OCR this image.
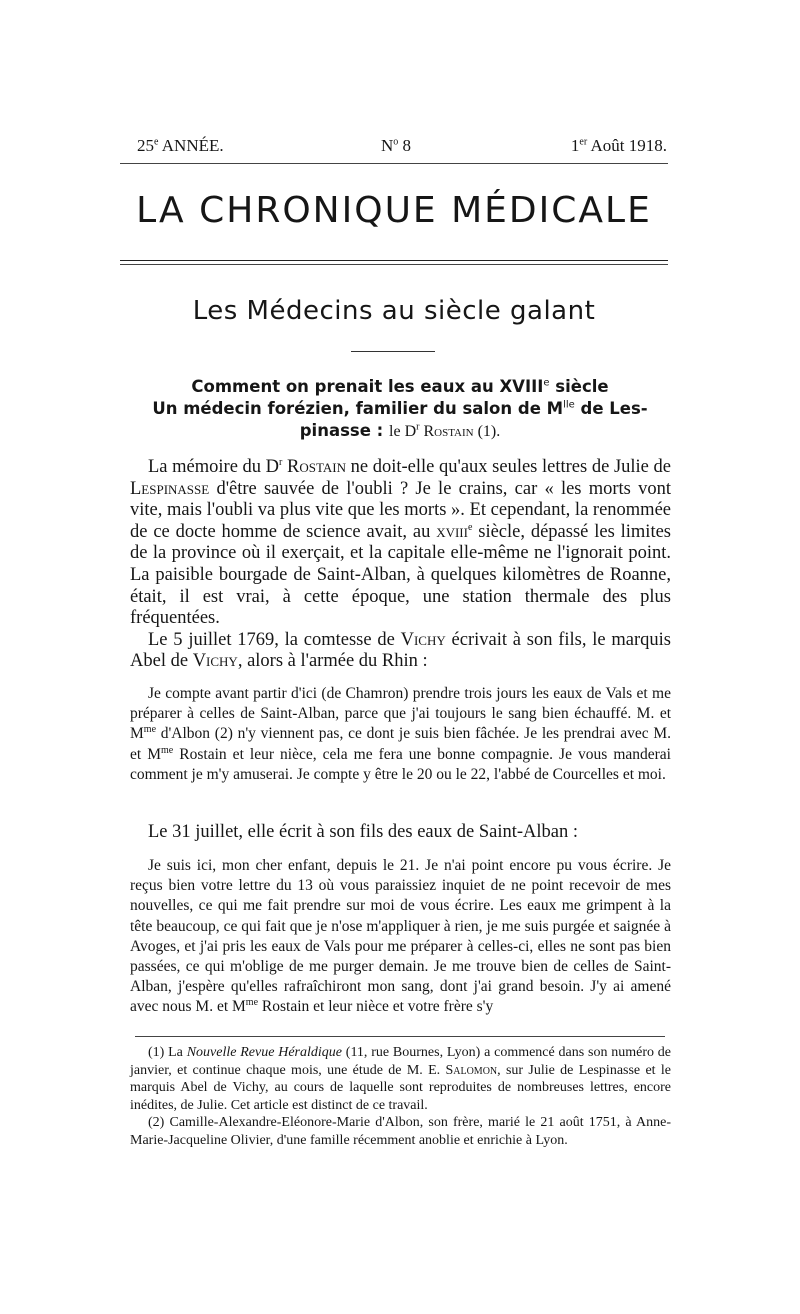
25e ANNÉE.	$N^o$ 8	1er Août 1918.
LA CHRONIQUE MÉDICALE
Les Médecins au siècle galant
Comment on prenait les eaux au XVIIIe siècle
Un médecin forézien, familier du salon de $M^{lle}$ de Les-
pinasse : le $D^r$ Rostain (1).

La mémoire du $D^r$ Rostain ne doit-elle qu'aux seules lettres de Julie de Lespinasse d'être sauvée de l'oubli ? Je le crains, car « les morts vont vite, mais l'oubli va plus vite que les morts ». Et cependant, la renommée de ce docte homme de science avait, au xviii$^e$ siècle, dépassé les limites de la province où il exerçait, et la capitale elle-même ne l'ignorait point. La paisible bourgade de Saint-Alban, à quelques kilomètres de Roanne, était, il est vrai, à cette époque, une station thermale des plus fréquentées.

Le 5 juillet 1769, la comtesse de Vichy écrivait à son fils, le marquis Abel de Vichy, alors à l'armée du Rhin :

Je compte avant partir d'ici (de Chamron) prendre trois jours les eaux de Vals et me préparer à celles de Saint-Alban, parce que j'ai toujours le sang bien échauffé. M. et $M^{me}$ d'Albon (2) n'y viennent pas, ce dont je suis bien fâchée. Je les prendrai avec M. et $M^{me}$ Rostain et leur nièce, cela me fera une bonne compagnie. Je vous manderai comment je m'y amuserai. Je compte y être le 20 ou le 22, l'abbé de Courcelles et moi.

Le 31 juillet, elle écrit à son fils des eaux de Saint-Alban :

Je suis ici, mon cher enfant, depuis le 21. Je n'ai point encore pu vous écrire. Je reçus bien votre lettre du 13 où vous paraissiez inquiet de ne point recevoir de mes nouvelles, ce qui me fait prendre sur moi de vous écrire. Les eaux me grimpent à la tête beaucoup, ce qui fait que je n'ose m'appliquer à rien, je me suis purgée et saignée à Avoges, et j'ai pris les eaux de Vals pour me préparer à celles-ci, elles ne sont pas bien passées, ce qui m'oblige de me purger demain. Je me trouve bien de celles de Saint-Alban, j'espère qu'elles rafraîchiront mon sang, dont j'ai grand besoin. J'y ai amené avec nous M. et $M^{me}$ Rostain et leur nièce et votre frère s'y

(1) La Nouvelle Revue Héraldique (11, rue Bournes, Lyon) a commencé dans son numéro de janvier, et continue chaque mois, une étude de M. E. Salomon, sur Julie de Lespinasse et le marquis Abel de Vichy, au cours de laquelle sont reproduites de nombreuses lettres, encore inédites, de Julie. Cet article est distinct de ce travail.

(2) Camille-Alexandre-Eléonore-Marie d'Albon, son frère, marié le 21 août 1751, à Anne-Marie-Jacqueline Olivier, d'une famille récemment anoblie et enrichie à Lyon.
